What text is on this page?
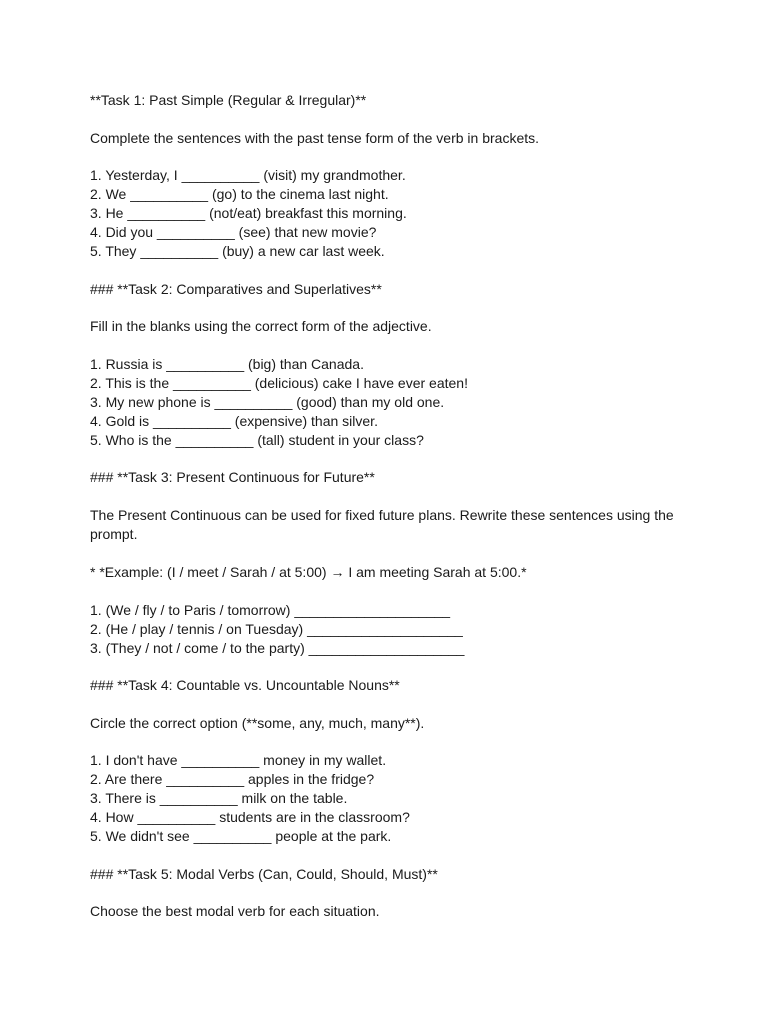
**Task 1: Past Simple (Regular & Irregular)**
Complete the sentences with the past tense form of the verb in brackets.
1. Yesterday, I __________ (visit) my grandmother.
2. We __________ (go) to the cinema last night.
3. He __________ (not/eat) breakfast this morning.
4. Did you __________ (see) that new movie?
5. They __________ (buy) a new car last week.
### **Task 2: Comparatives and Superlatives**
Fill in the blanks using the correct form of the adjective.
1. Russia is __________ (big) than Canada.
2. This is the __________ (delicious) cake I have ever eaten!
3. My new phone is __________ (good) than my old one.
4. Gold is __________ (expensive) than silver.
5. Who is the __________ (tall) student in your class?
### **Task 3: Present Continuous for Future**
The Present Continuous can be used for fixed future plans. Rewrite these sentences using the prompt.
* *Example: (I / meet / Sarah / at 5:00) → I am meeting Sarah at 5:00.*
1. (We / fly / to Paris / tomorrow) ____________________
2. (He / play / tennis / on Tuesday) ____________________
3. (They / not / come / to the party) ____________________
### **Task 4: Countable vs. Uncountable Nouns**
Circle the correct option (**some, any, much, many**).
1. I don't have __________ money in my wallet.
2. Are there __________ apples in the fridge?
3. There is __________ milk on the table.
4. How __________ students are in the classroom?
5. We didn't see __________ people at the park.
### **Task 5: Modal Verbs (Can, Could, Should, Must)**
Choose the best modal verb for each situation.
